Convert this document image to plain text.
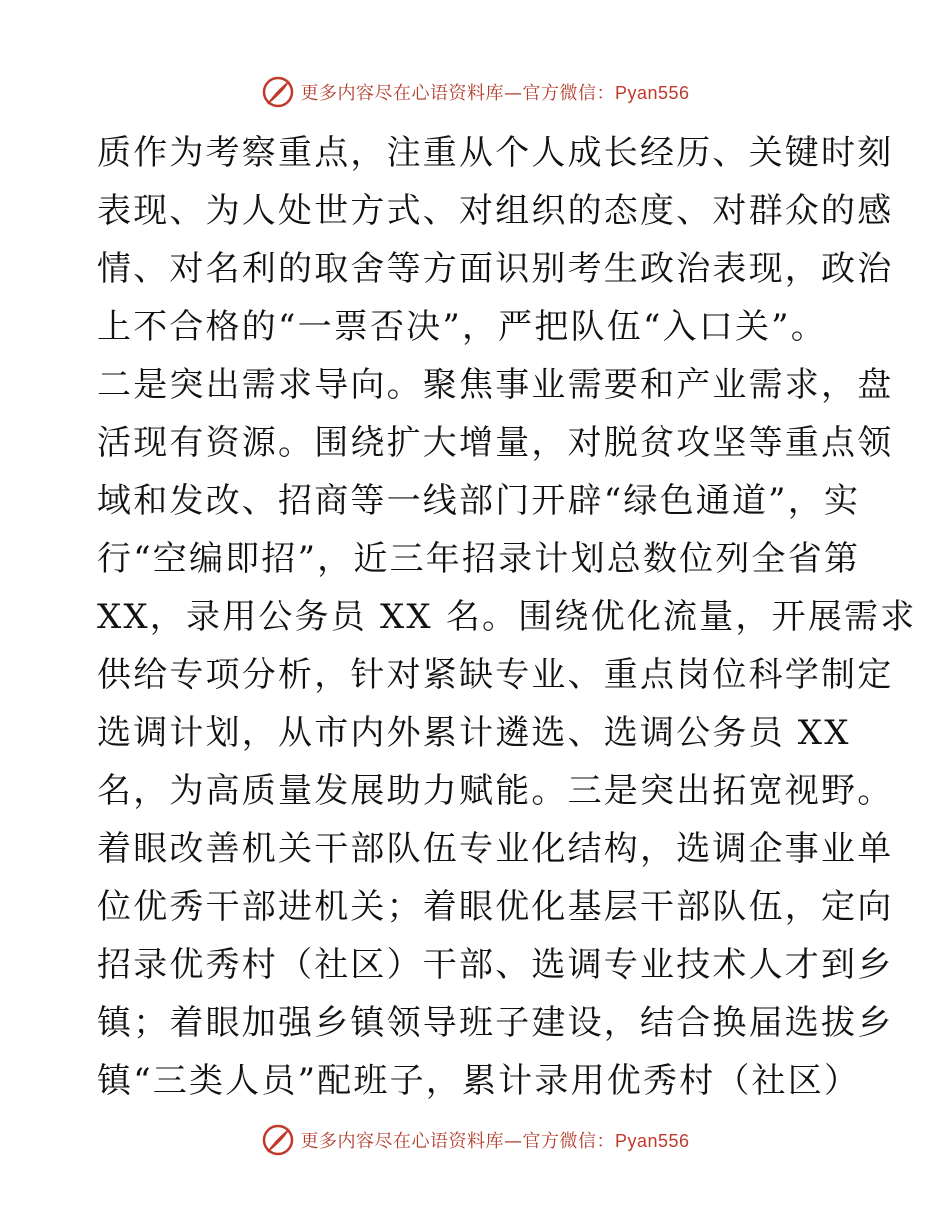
更多内容尽在心语资料库—官方微信：Pyan556
质作为考察重点，注重从个人成长经历、关键时刻
表现、为人处世方式、对组织的态度、对群众的感
情、对名利的取舍等方面识别考生政治表现，政治
上不合格的“一票否决”，严把队伍“入口关”。
二是突出需求导向。聚焦事业需要和产业需求，盘
活现有资源。围绕扩大增量，对脱贫攻坚等重点领
域和发改、招商等一线部门开辟“绿色通道”，实
行“空编即招”，近三年招录计划总数位列全省第
XX，录用公务员 XX 名。围绕优化流量，开展需求
供给专项分析，针对紧缺专业、重点岗位科学制定
选调计划，从市内外累计遴选、选调公务员 XX
名，为高质量发展助力赋能。三是突出拓宽视野。
着眼改善机关干部队伍专业化结构，选调企事业单
位优秀干部进机关；着眼优化基层干部队伍，定向
招录优秀村（社区）干部、选调专业技术人才到乡
镇；着眼加强乡镇领导班子建设，结合换届选拔乡
镇“三类人员”配班子，累计录用优秀村（社区）
更多内容尽在心语资料库—官方微信：Pyan556
